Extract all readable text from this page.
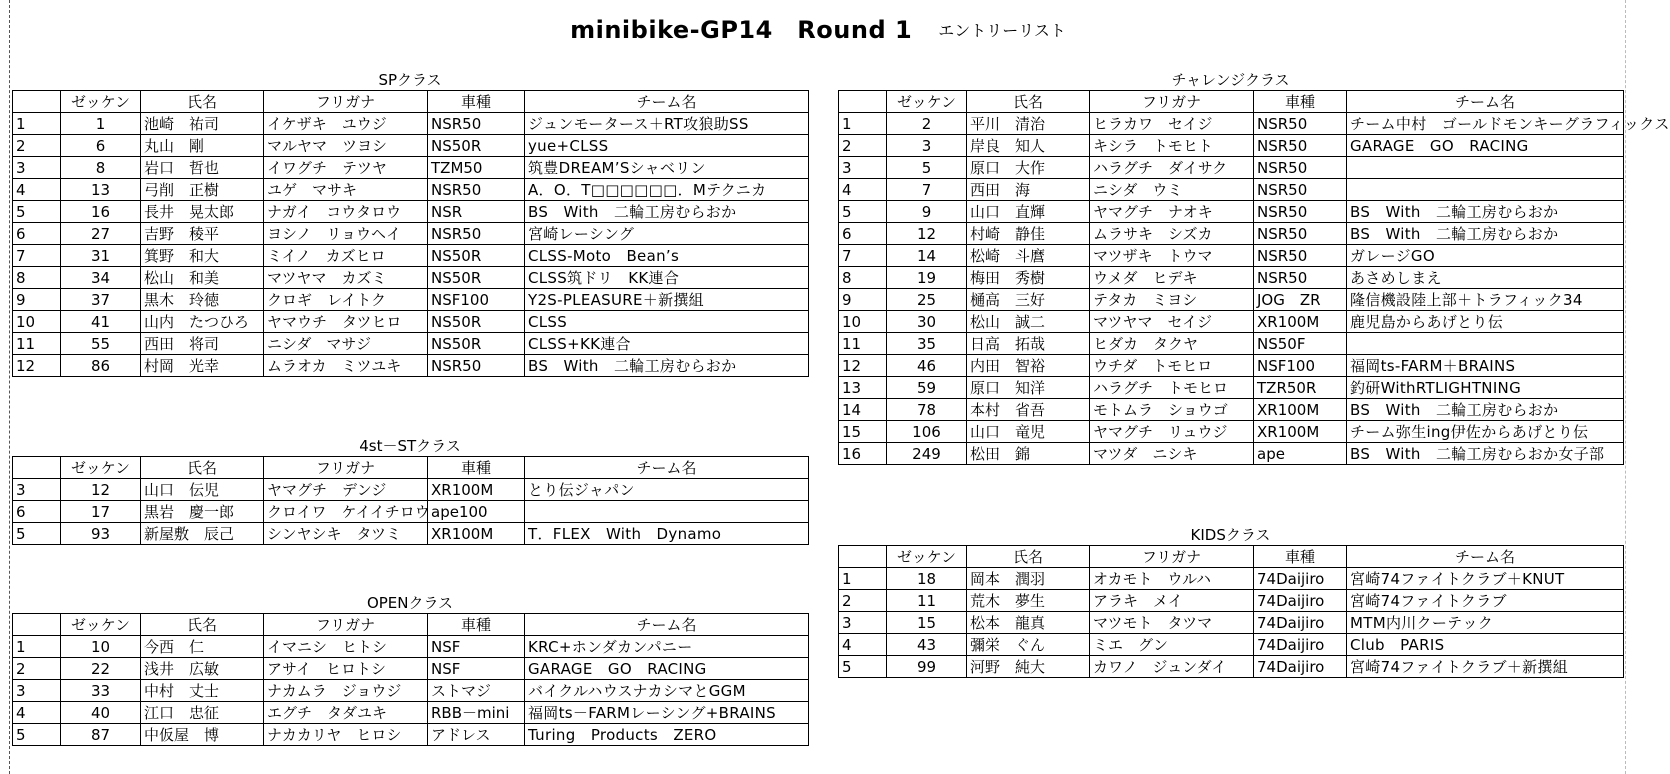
minibike-GP14　Round 1 エントリーリスト
SPクラス
	ゼッケン	氏名	フリガナ	車種	チーム名
1	1	池崎　祐司	イケザキ　ユウジ	NSR50	ジュンモータース＋RT攻狼助SS
2	6	丸山　剛	マルヤマ　ツヨシ	NS50R	yue+CLSS
3	8	岩口　哲也	イワグチ　テツヤ	TZM50	筑豊DREAM’Sシャベリン
4	13	弓削　正樹	ユゲ　マサキ	NSR50	A．O．T□□□□□□．Mテクニカ
5	16	長井　晃太郎	ナガイ　コウタロウ	NSR	BS　With　二輪工房むらおか
6	27	吉野　稜平	ヨシノ　リョウヘイ	NSR50	宮崎レーシング
7	31	箕野　和大	ミイノ　カズヒロ	NS50R	CLSS-Moto　Bean’s
8	34	松山　和美	マツヤマ　カズミ	NS50R	CLSS筑ドリ　KK連合
9	37	黒木　玲徳	クロギ　レイトク	NSF100	Y2S-PLEASURE＋新撰組
10	41	山内　たつひろ	ヤマウチ　タツヒロ	NS50R	CLSS
11	55	西田　将司	ニシダ　マサジ	NS50R	CLSS+KK連合
12	86	村岡　光幸	ムラオカ　ミツユキ	NSR50	BS　With　二輪工房むらおか
4st－STクラス
	ゼッケン	氏名	フリガナ	車種	チーム名
3	12	山口　伝児	ヤマグチ　デンジ	XR100M	とり伝ジャパン
6	17	黒岩　慶一郎	クロイワ　ケイイチロウ	ape100	
5	93	新屋敷　辰己	シンヤシキ　タツミ	XR100M	T．FLEX　With　Dynamo
OPENクラス
	ゼッケン	氏名	フリガナ	車種	チーム名
1	10	今西　仁	イマニシ　ヒトシ	NSF	KRC+ホンダカンパニー
2	22	浅井　広敏	アサイ　ヒロトシ	NSF	GARAGE　GO　RACING
3	33	中村　丈士	ナカムラ　ジョウジ	ストマジ	バイクルハウスナカシマとGGM
4	40	江口　忠征	エグチ　タダユキ	RBB－mini	福岡ts－FARMレーシング+BRAINS
5	87	中仮屋　博	ナカカリヤ　ヒロシ	アドレス	Turing　Products　ZERO
チャレンジクラス
	ゼッケン	氏名	フリガナ	車種	チーム名
1	2	平川　清治	ヒラカワ　セイジ	NSR50	チーム中村　ゴールドモンキーグラフィックス
2	3	岸良　知人	キシラ　トモヒト	NSR50	GARAGE　GO　RACING
3	5	原口　大作	ハラグチ　ダイサク	NSR50	
4	7	西田　海	ニシダ　ウミ	NSR50	
5	9	山口　直輝	ヤマグチ　ナオキ	NSR50	BS　With　二輪工房むらおか
6	12	村崎　静佳	ムラサキ　シズカ	NSR50	BS　With　二輪工房むらおか
7	14	松崎　斗麿	マツザキ　トウマ	NSR50	ガレージGO
8	19	梅田　秀樹	ウメダ　ヒデキ	NSR50	あさめしまえ
9	25	樋高　三好	テタカ　ミヨシ	JOG　ZR	隆信機設陸上部＋トラフィック34
10	30	松山　誠二	マツヤマ　セイジ	XR100M	鹿児島からあげとり伝
11	35	日高　拓哉	ヒダカ　タクヤ	NS50F	
12	46	内田　智裕	ウチダ　トモヒロ	NSF100	福岡ts-FARM＋BRAINS
13	59	原口　知洋	ハラグチ　トモヒロ	TZR50R	釣研WithRTLIGHTNING
14	78	本村　省吾	モトムラ　ショウゴ	XR100M	BS　With　二輪工房むらおか
15	106	山口　竜児	ヤマグチ　リュウジ	XR100M	チーム弥生ing伊佐からあげとり伝
16	249	松田　錦	マツダ　ニシキ	ape	BS　With　二輪工房むらおか女子部
KIDSクラス
	ゼッケン	氏名	フリガナ	車種	チーム名
1	18	岡本　潤羽	オカモト　ウルハ	74Daijiro	宮崎74ファイトクラブ＋KNUT
2	11	荒木　夢生	アラキ　メイ	74Daijiro	宮崎74ファイトクラブ
3	15	松本　龍真	マツモト　タツマ	74Daijiro	MTM内川クーテック
4	43	彌栄　ぐん	ミエ　グン	74Daijiro	Club　PARIS
5	99	河野　純大	カワノ　ジュンダイ	74Daijiro	宮崎74ファイトクラブ＋新撰組
